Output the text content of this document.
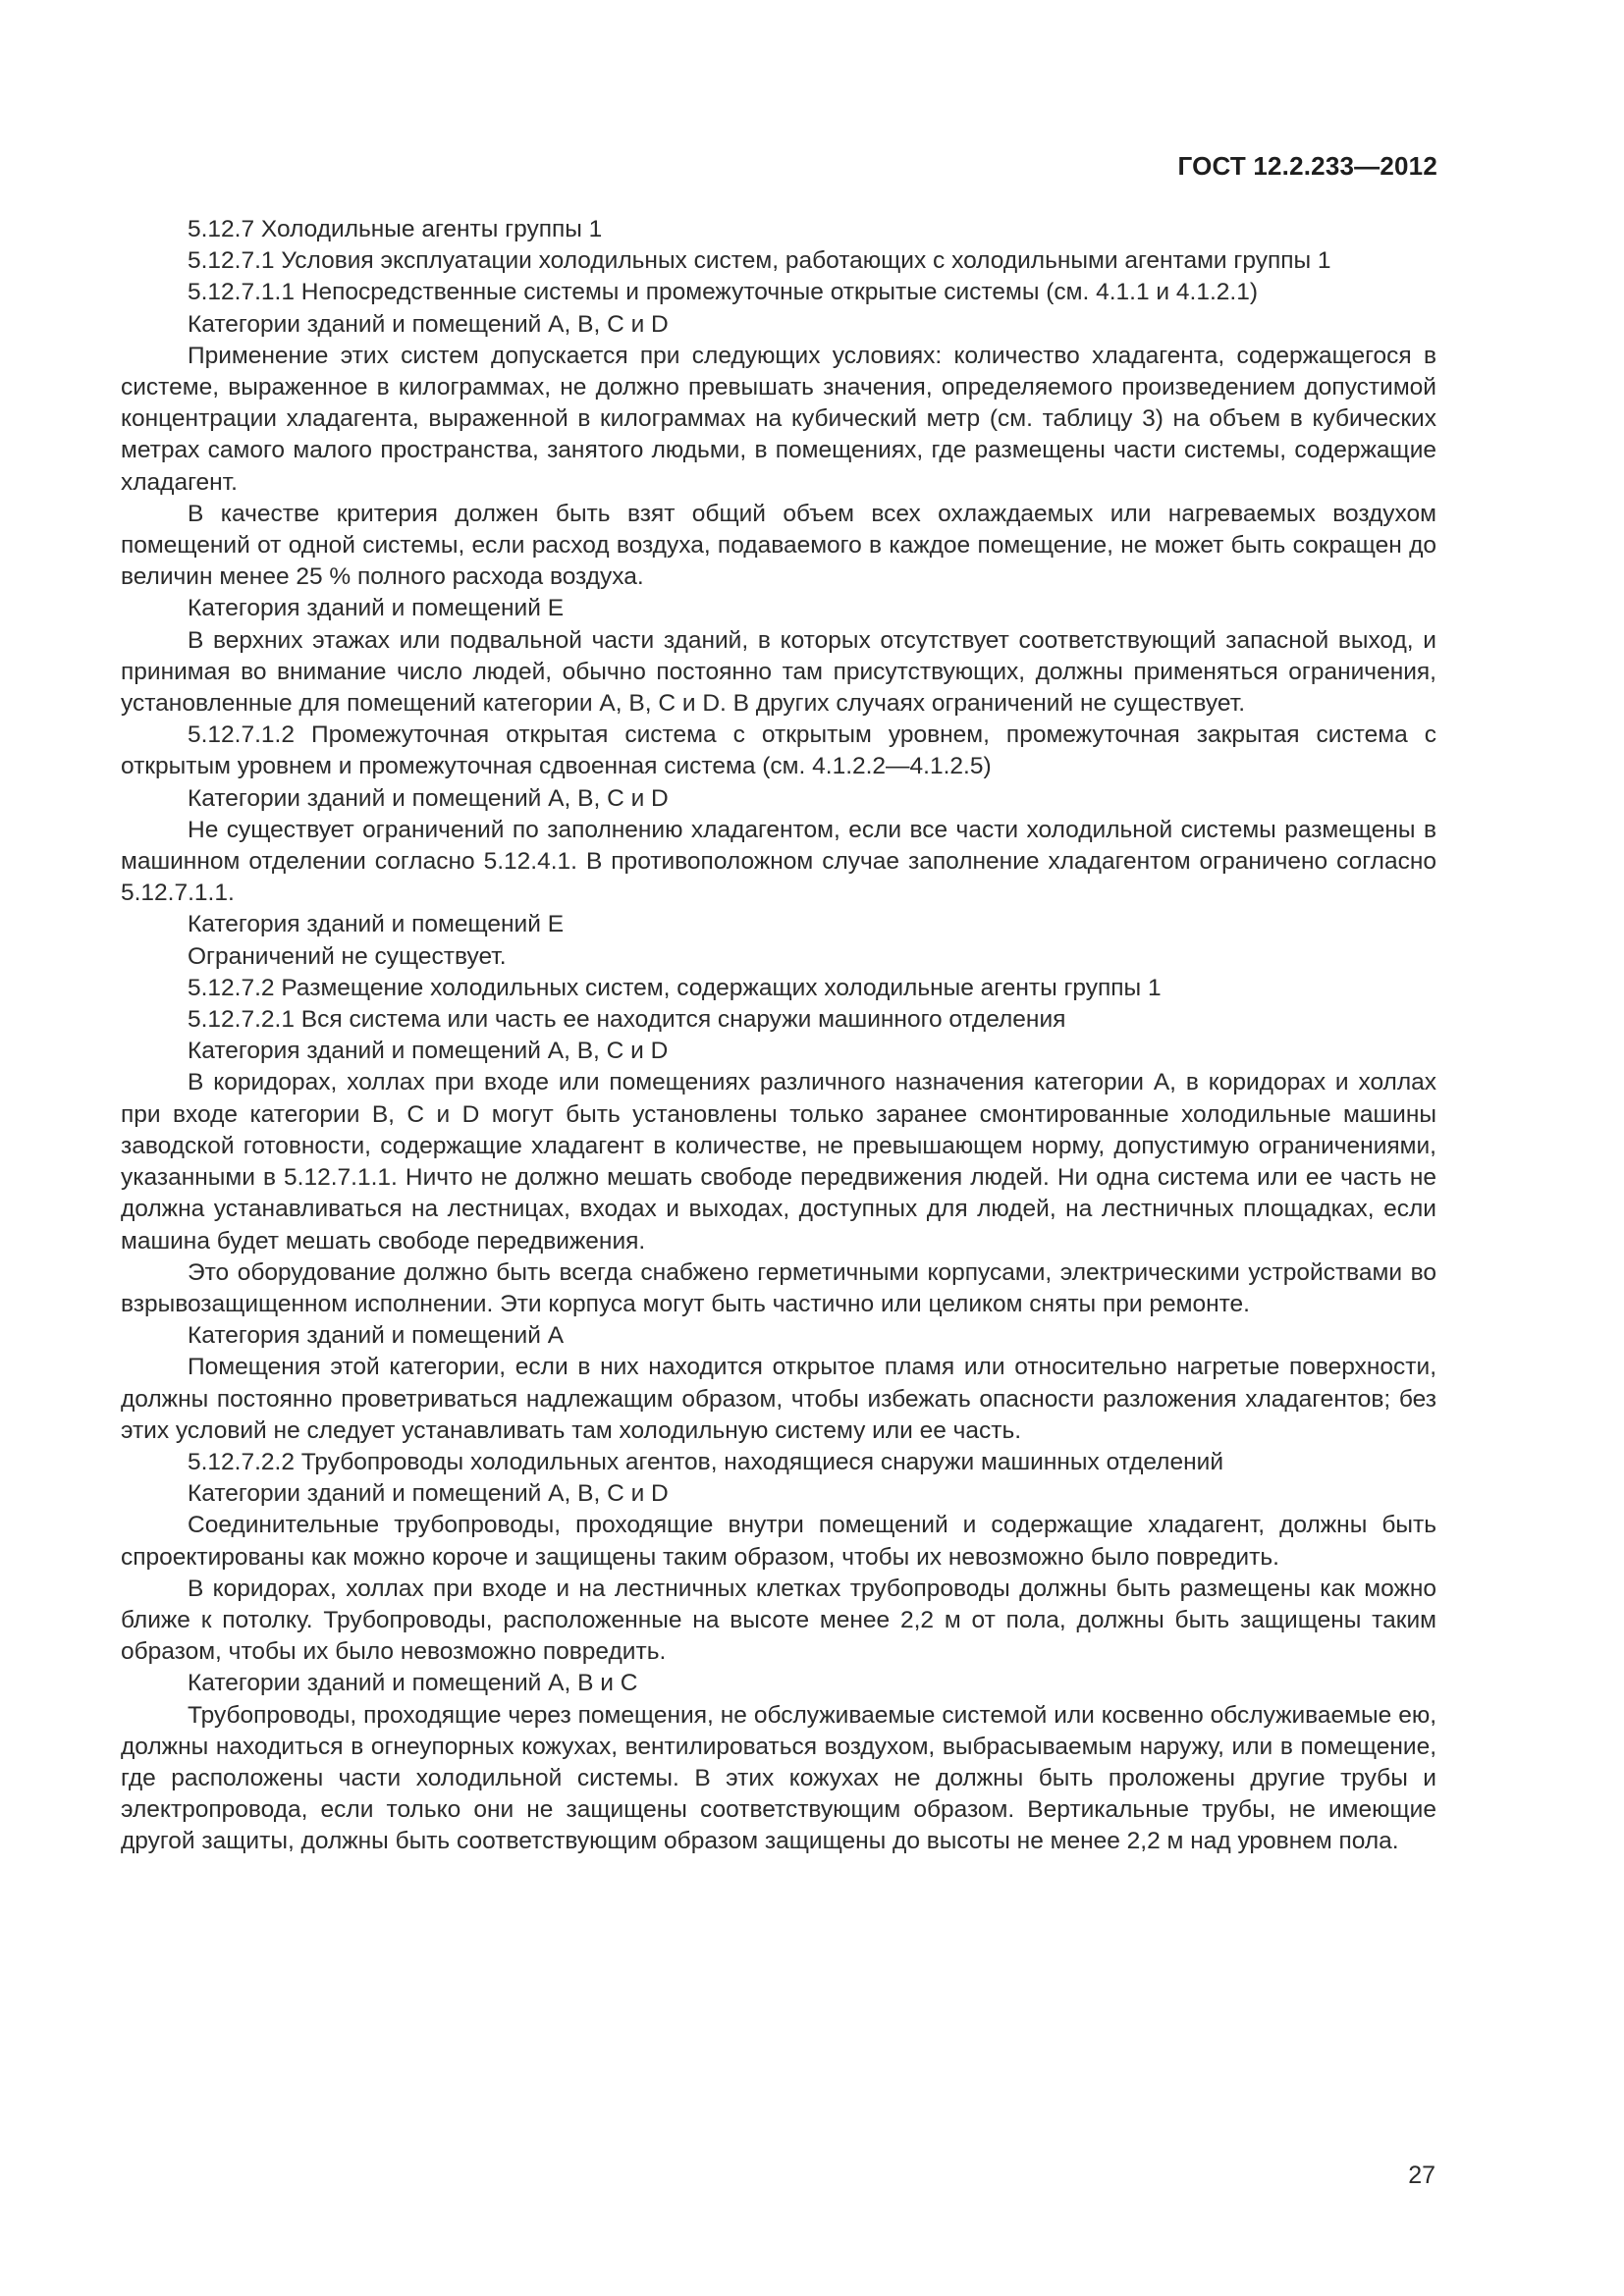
ГОСТ 12.2.233—2012

5.12.7 Холодильные агенты группы 1

5.12.7.1 Условия эксплуатации холодильных систем, работающих с холодильными агентами группы 1

5.12.7.1.1 Непосредственные системы и промежуточные открытые системы (см. 4.1.1 и 4.1.2.1)

Категории зданий и помещений А, В, С и D

Применение этих систем допускается при следующих условиях: количество хладагента, содержащегося в системе, выраженное в килограммах, не должно превышать значения, определяемого произведением допустимой концентрации хладагента, выраженной в килограммах на кубический метр (см. таблицу 3) на объем в кубических метрах самого малого пространства, занятого людьми, в помещениях, где размещены части системы, содержащие хладагент.

В качестве критерия должен быть взят общий объем всех охлаждаемых или нагреваемых воздухом помещений от одной системы, если расход воздуха, подаваемого в каждое помещение, не может быть сокращен до величин менее 25 % полного расхода воздуха.

Категория зданий и помещений Е

В верхних этажах или подвальной части зданий, в которых отсутствует соответствующий запасной выход, и принимая во внимание число людей, обычно постоянно там присутствующих, должны применяться ограничения, установленные для помещений категории А, В, С и D. В других случаях ограничений не существует.

5.12.7.1.2 Промежуточная открытая система с открытым уровнем, промежуточная закрытая система с открытым уровнем и промежуточная сдвоенная система (см. 4.1.2.2—4.1.2.5)

Категории зданий и помещений А, В, С и D

Не существует ограничений по заполнению хладагентом, если все части холодильной системы размещены в машинном отделении согласно 5.12.4.1. В противоположном случае заполнение хладагентом ограничено согласно 5.12.7.1.1.

Категория зданий и помещений Е

Ограничений не существует.

5.12.7.2 Размещение холодильных систем, содержащих холодильные агенты группы 1

5.12.7.2.1 Вся система или часть ее находится снаружи машинного отделения

Категория зданий и помещений А, В, С и D

В коридорах, холлах при входе или помещениях различного назначения категории А, в коридорах и холлах при входе категории В, С и D могут быть установлены только заранее смонтированные холодильные машины заводской готовности, содержащие хладагент в количестве, не превышающем норму, допустимую ограничениями, указанными в 5.12.7.1.1. Ничто не должно мешать свободе передвижения людей. Ни одна система или ее часть не должна устанавливаться на лестницах, входах и выходах, доступных для людей, на лестничных площадках, если машина будет мешать свободе передвижения.

Это оборудование должно быть всегда снабжено герметичными корпусами, электрическими устройствами во взрывозащищенном исполнении. Эти корпуса могут быть частично или целиком сняты при ремонте.

Категория зданий и помещений А

Помещения этой категории, если в них находится открытое пламя или относительно нагретые поверхности, должны постоянно проветриваться надлежащим образом, чтобы избежать опасности разложения хладагентов; без этих условий не следует устанавливать там холодильную систему или ее часть.

5.12.7.2.2 Трубопроводы холодильных агентов, находящиеся снаружи машинных отделений

Категории зданий и помещений А, В, С и D

Соединительные трубопроводы, проходящие внутри помещений и содержащие хладагент, должны быть спроектированы как можно короче и защищены таким образом, чтобы их невозможно было повредить.

В коридорах, холлах при входе и на лестничных клетках трубопроводы должны быть размещены как можно ближе к потолку. Трубопроводы, расположенные на высоте менее 2,2 м от пола, должны быть защищены таким образом, чтобы их было невозможно повредить.

Категории зданий и помещений А, В и С

Трубопроводы, проходящие через помещения, не обслуживаемые системой или косвенно обслуживаемые ею, должны находиться в огнеупорных кожухах, вентилироваться воздухом, выбрасываемым наружу, или в помещение, где расположены части холодильной системы. В этих кожухах не должны быть проложены другие трубы и электропровода, если только они не защищены соответствующим образом. Вертикальные трубы, не имеющие другой защиты, должны быть соответствующим образом защищены до высоты не менее 2,2 м над уровнем пола.

27
